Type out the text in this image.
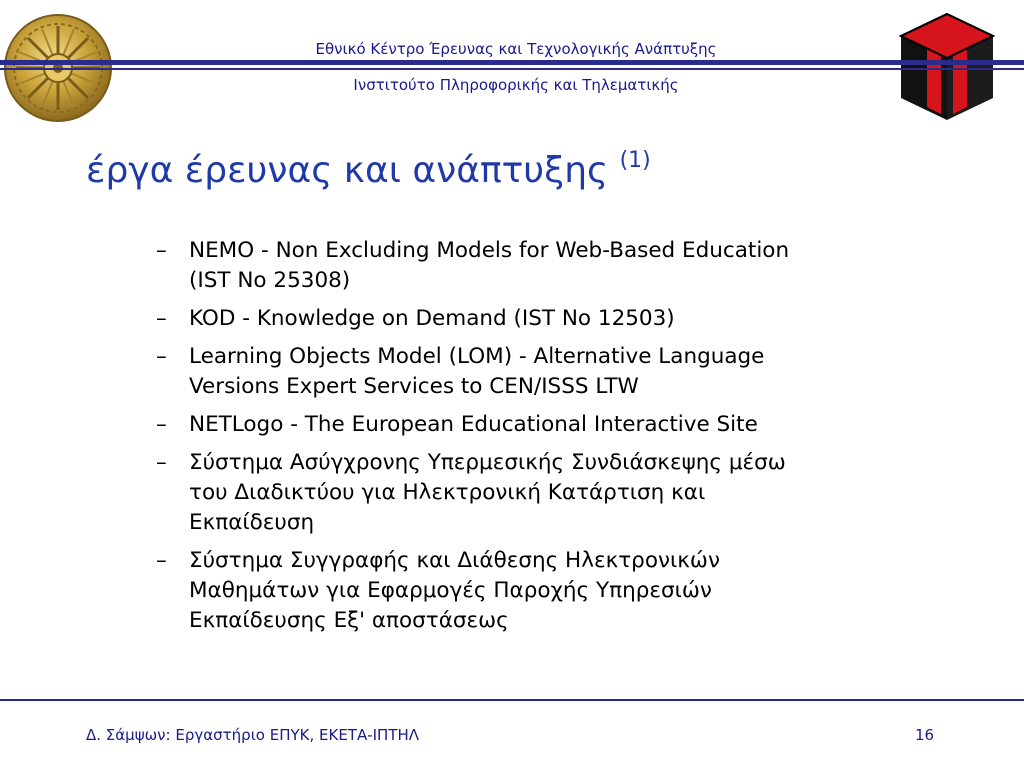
Εθνικό Κέντρο Έρευνας και Τεχνολογικής Ανάπτυξης
Ινστιτούτο Πληροφορικής και Τηλεματικής
έργα έρευνας και ανάπτυξης $^{(1)}$
–	NEMO - Non Excluding Models for Web-Based Education
(IST No 25308)
–	KOD - Knowledge on Demand (IST No 12503)
–	Learning Objects Model (LOM) - Alternative Language
Versions Expert Services to CEN/ISSS LTW
–	NETLogo - The European Educational Interactive Site
–	Σύστημα Ασύγχρονης Υπερμεσικής Συνδιάσκεψης μέσω
του Διαδικτύου για Ηλεκτρονική Κατάρτιση και
Εκπαίδευση
–	Σύστημα Συγγραφής και Διάθεσης Ηλεκτρονικών
Μαθημάτων για Εφαρμογές Παροχής Υπηρεσιών
Εκπαίδευσης Εξ' αποστάσεως
Δ. Σάμψων: Εργαστήριο ΕΠΥΚ, ΕΚΕΤΑ-ΙΠΤΗΛ	16
